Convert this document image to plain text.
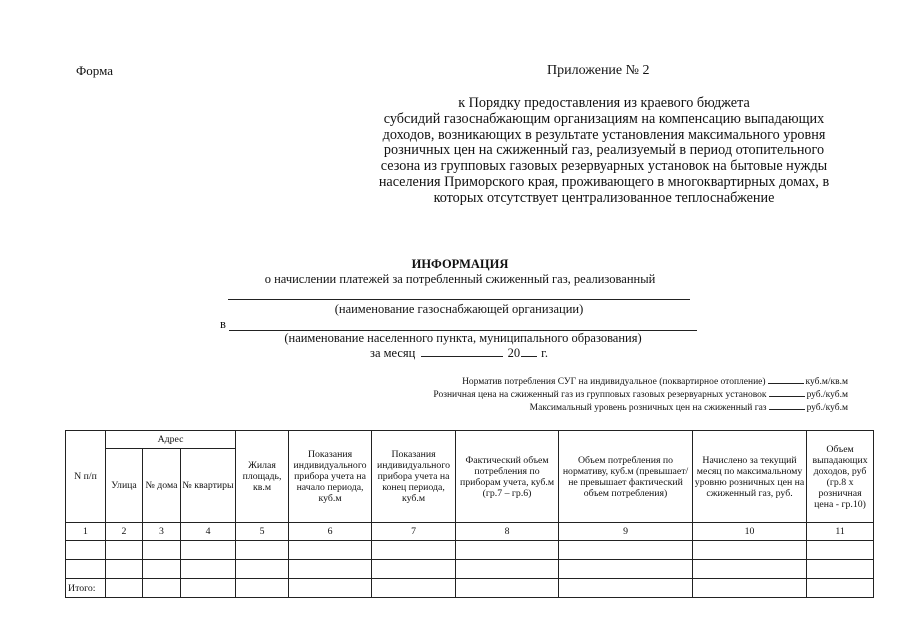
Форма	Приложение № 2
к Порядку предоставления из краевого бюджета
субсидий газоснабжающим организациям на компенсацию выпадающих
доходов, возникающих в результате установления максимального уровня
розничных цен на сжиженный газ, реализуемый в период отопительного
сезона из групповых газовых резервуарных установок на бытовые нужды
населения Приморского края, проживающего в многоквартирных домах, в
которых отсутствует централизованное теплоснабжение
ИНФОРМАЦИЯ
о начислении платежей за потребленный сжиженный газ, реализованный
(наименование газоснабжающей организации)
в
(наименование населенного пункта, муниципального образования)
за месяц	20 г.
Норматив потребления СУГ на индивидуальное (поквартирное отопление)	куб.м/кв.м
Розничная цена на сжиженный газ из групповых газовых резервуарных установок	руб./куб.м
Максимальный уровень розничных цен на сжиженный газ	руб./куб.м
N п/п	Адрес			Жилая площадь, кв.м	Показания индивидуального прибора учета на начало периода, куб.м	Показания индивидуального прибора учета на конец периода, куб.м	Фактический объем потребления по приборам учета, куб.м (гр.7 – гр.6)	Объем потребления по нормативу, куб.м (превышает/не превышает фактический объем потребления)	Начислено за текущий месяц по максимальному уровню розничных цен на сжиженный газ, руб.	Объем выпадающих доходов, руб (гр.8 х розничная цена - гр.10)
	Улица	№ дома	№ квартиры							
1	2	3	4	5	6	7	8	9	10	11

Итого:										
